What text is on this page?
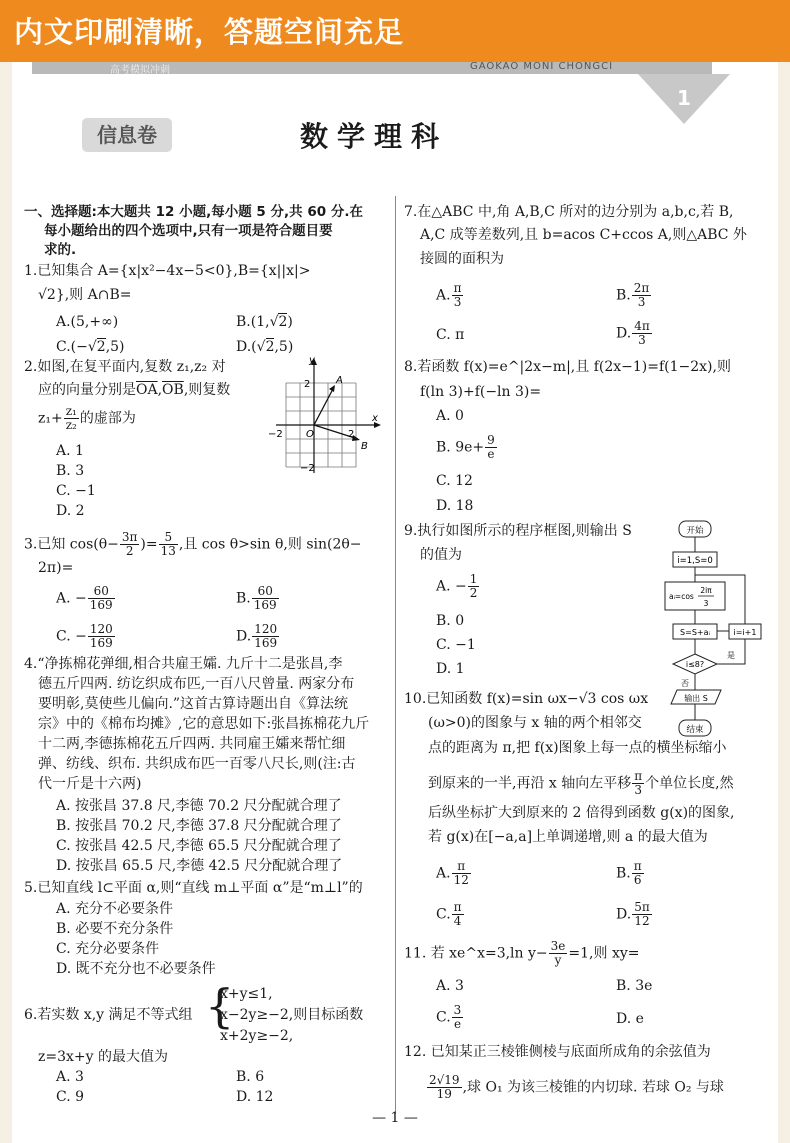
内文印刷清晰，答题空间充足
高考模拟冲刺	GAOKAO MONI CHONGCI
1
信息卷	数学理科
一、选择题:本大题共 12 小题,每小题 5 分,共 60 分.在
每小题给出的四个选项中,只有一项是符合题目要
求的.
1.已知集合 A={x|x²−4x−5<0},B={x||x|>
√2},则 A∩B=
A.(5,+∞)	B.(1,√2)
C.(−√2,5)	D.(√2,5)
2.如图,在复平面内,复数 z₁,z₂ 对
应的向量分别是$\overline{OA},\overline{OB}$,则复数
$z_1+ \frac{\text{z₁}}{\text{z₂}}$ 的虚部为
A. 1
B. 3
C. −1
D. 2
y
x
A
B
O
2
−2
−2	2
3.已知 $\cos(\theta- \frac{3\pi}{2}$ )= $\frac{5}{13}$ ,且 cos θ>sin θ,则 sin(2θ−
2π)=
A. − $\frac{60}{169}$	B. $\frac{60}{169}$
C. − $\frac{120}{169}$	D. $\frac{120}{169}$
4.“净拣棉花弹细,相合共雇王孀. 九斤十二是张昌,李
德五斤四两. 纺讫织成布匹,一百八尺曾量. 两家分布
要明彰,莫使些儿偏向.”这首古算诗题出自《算法统
宗》中的《棉布均摊》,它的意思如下:张昌拣棉花九斤
十二两,李德拣棉花五斤四两. 共同雇王孀来帮忙细
弹、纺线、织布. 共织成布匹一百零八尺长,则(注:古
代一斤是十六两)
A. 按张昌 37.8 尺,李德 70.2 尺分配就合理了
B. 按张昌 70.2 尺,李德 37.8 尺分配就合理了
C. 按张昌 42.5 尺,李德 65.5 尺分配就合理了
D. 按张昌 65.5 尺,李德 42.5 尺分配就合理了
5.已知直线 l⊂平面 α,则“直线 m⊥平面 α”是“m⊥l”的
A. 充分不必要条件
B. 必要不充分条件
C. 充分必要条件
D. 既不充分也不必要条件
6.若实数 x,y 满足不等式组 {
x+y≤1,
x−2y≥−2,则目标函数
x+2y≥−2,
z=3x+y 的最大值为
A. 3	B. 6
C. 9	D. 12
7.在△ABC 中,角 A,B,C 所对的边分别为 a,b,c,若 B,
A,C 成等差数列,且 b=acos C+ccos A,则△ABC 外
接圆的面积为
A. $\frac{\pi}{3}$	B. $\frac{2\pi}{3}$
C. π	D. $\frac{4\pi}{3}$
8.若函数 f(x)=e^|2x−m|,且 f(2x−1)=f(1−2x),则
f(ln 3)+f(−ln 3)=
A. 0
B. $9e+ \frac{9}{e}$
C. 12
D. 18
9.执行如图所示的程序框图,则输出 S
的值为
A. − $\frac{1}{2}$
B. 0
C. −1
D. 1
开始
i=1,S=0
aᵢ=cos
2iπ
3
S=S+aᵢ	i=i+1
i≤8?
是
否
输出 S
结束
10.已知函数 f(x)=sin ωx−√3 cos ωx
(ω>0)的图象与 x 轴的两个相邻交
点的距离为 π,把 f(x)图象上每一点的横坐标缩小
到原来的一半,再沿 x 轴向左平移 $\frac{\pi}{3}$ 个单位长度,然
后纵坐标扩大到原来的 2 倍得到函数 g(x)的图象,
若 g(x)在[−a,a]上单调递增,则 a 的最大值为
A. $\frac{\pi}{12}$	B. $\frac{\pi}{6}$
C. $\frac{\pi}{4}$	D. $\frac{5\pi}{12}$
11. 若 xe^x=3,ln $y- \frac{3e}{y} =1$,则 xy=
A. 3	B. 3e
C. $\frac{3}{e}$	D. e
12. 已知某正三棱锥侧棱与底面所成角的余弦值为
$\frac{2√19}{19}$ ,球 O₁ 为该三棱锥的内切球. 若球 O₂ 与球
— 1 —
